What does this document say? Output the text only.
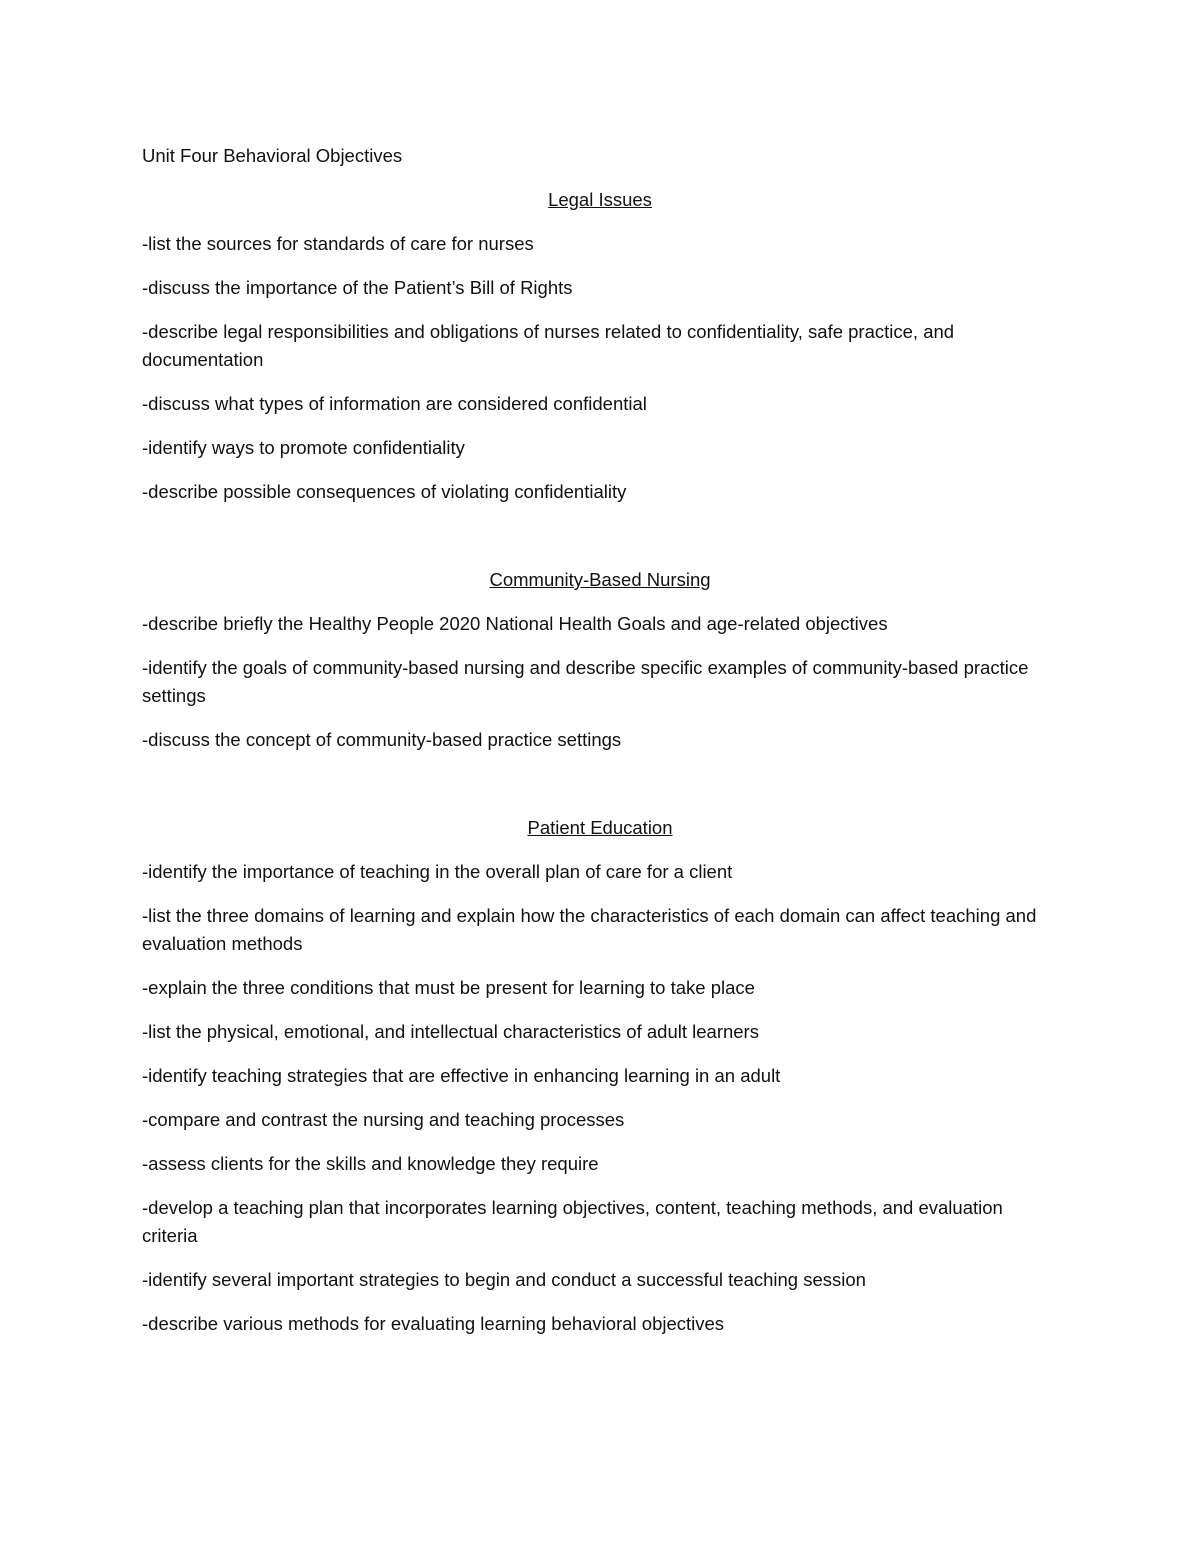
Unit Four Behavioral Objectives
Legal Issues
-list the sources for standards of care for nurses
-discuss the importance of the Patient’s Bill of Rights
-describe legal responsibilities and obligations of nurses related to confidentiality, safe practice, and documentation
-discuss what types of information are considered confidential
-identify ways to promote confidentiality
-describe possible consequences of violating confidentiality
Community-Based Nursing
-describe briefly the Healthy People 2020 National Health Goals and age-related objectives
-identify the goals of community-based nursing and describe specific examples of community-based practice settings
-discuss the concept of community-based practice settings
Patient Education
-identify the importance of teaching in the overall plan of care for a client
-list the three domains of learning and explain how the characteristics of each domain can affect teaching and evaluation methods
-explain the three conditions that must be present for learning to take place
-list the physical, emotional, and intellectual characteristics of adult learners
-identify teaching strategies that are effective in enhancing learning in an adult
-compare and contrast the nursing and teaching processes
-assess clients for the skills and knowledge they require
-develop a teaching plan that incorporates learning objectives, content, teaching methods, and evaluation criteria
-identify several important strategies to begin and conduct a successful teaching session
-describe various methods for evaluating learning behavioral objectives
